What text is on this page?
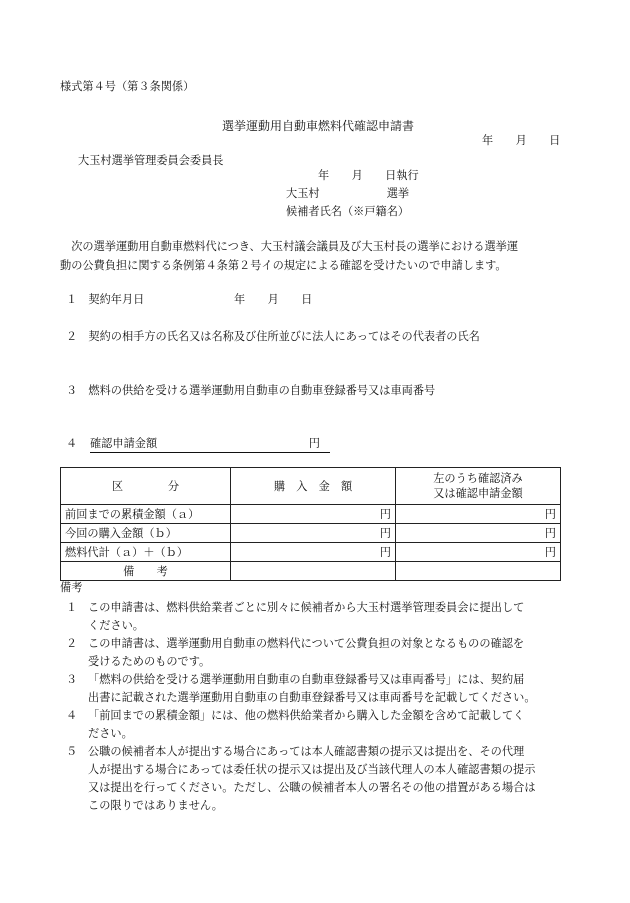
様式第４号（第３条関係）
選挙運動用自動車燃料代確認申請書
年　　月　　日
大玉村選挙管理委員会委員長
年　　月　　日執行
大玉村　　　　　　選挙
候補者氏名（※戸籍名）
　次の選挙運動用自動車燃料代につき、大玉村議会議員及び大玉村長の選挙における選挙運
動の公費負担に関する条例第４条第２号イの規定による確認を受けたいので申請します。
１　契約年月日	年　　月　　日
２　契約の相手方の氏名又は名称及び住所並びに法人にあってはその代表者の氏名
３　燃料の供給を受ける選挙運動用自動車の自動車登録番号又は車両番号
４ 確認申請金額	円
区　　　　分	購　入　金　額	左のうち確認済み
又は確認申請金額
前回までの累積金額（ａ）	円	円
今回の購入金額（ｂ）	円	円
燃料代計（ａ）＋（ｂ）	円	円
備　　考		
備考
１ この申請書は、燃料供給業者ごとに別々に候補者から大玉村選挙管理委員会に提出して
ください。
２ この申請書は、選挙運動用自動車の燃料代について公費負担の対象となるものの確認を
受けるためのものです。
３ 「燃料の供給を受ける選挙運動用自動車の自動車登録番号又は車両番号」には、契約届
出書に記載された選挙運動用自動車の自動車登録番号又は車両番号を記載してください。
４ 「前回までの累積金額」には、他の燃料供給業者から購入した金額を含めて記載してく
ださい。
５ 公職の候補者本人が提出する場合にあっては本人確認書類の提示又は提出を、その代理
人が提出する場合にあっては委任状の提示又は提出及び当該代理人の本人確認書類の提示
又は提出を行ってください。ただし、公職の候補者本人の署名その他の措置がある場合は
この限りではありません。
